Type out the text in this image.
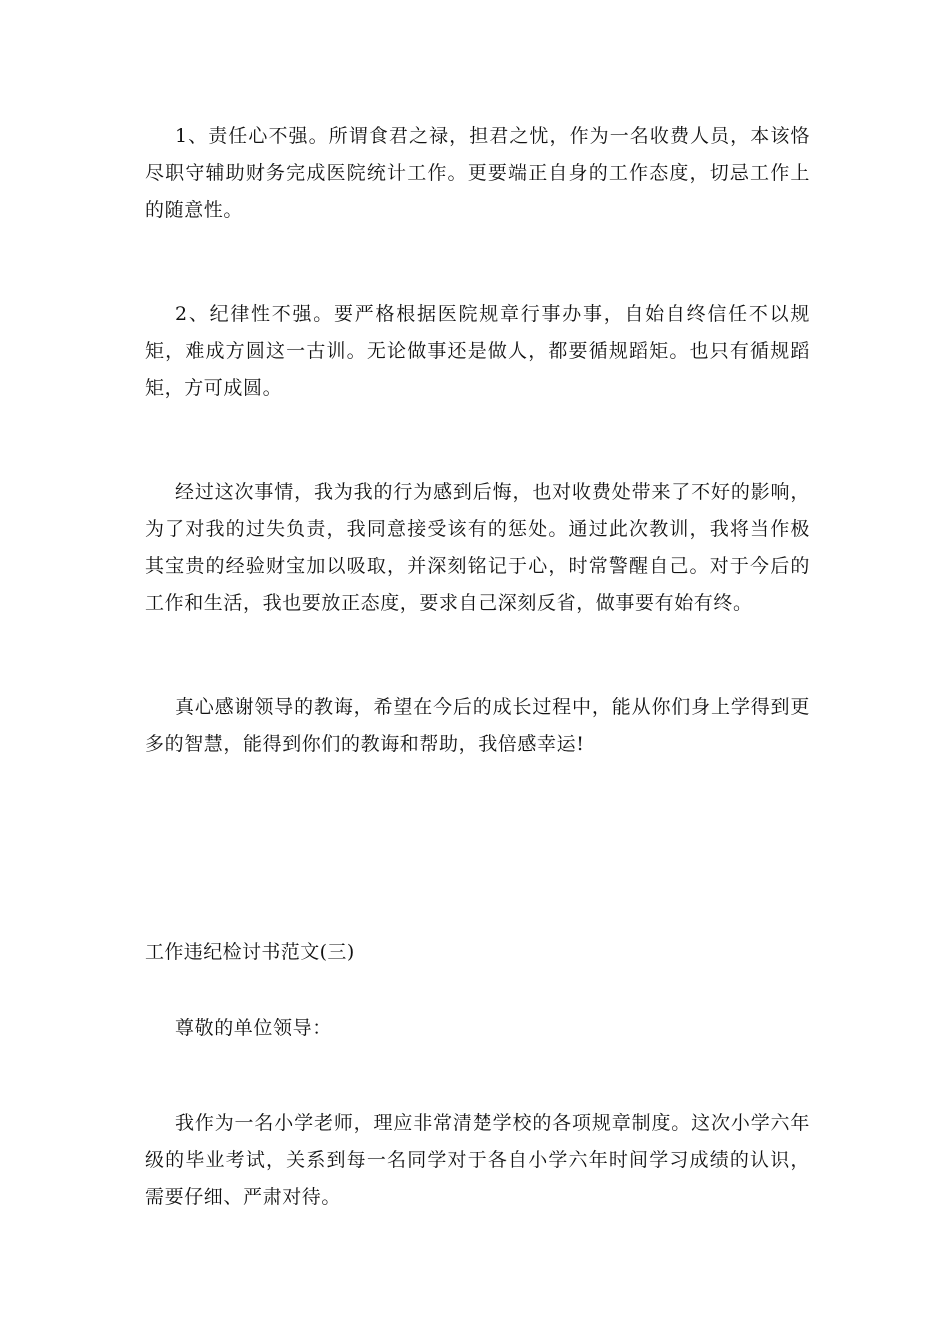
1、责任心不强。所谓食君之禄，担君之忧，作为一名收费人员，本该恪尽职守辅助财务完成医院统计工作。更要端正自身的工作态度，切忌工作上的随意性。

2、纪律性不强。要严格根据医院规章行事办事，自始自终信任不以规矩，难成方圆这一古训。无论做事还是做人，都要循规蹈矩。也只有循规蹈矩，方可成圆。

经过这次事情，我为我的行为感到后悔，也对收费处带来了不好的影响，为了对我的过失负责，我同意接受该有的惩处。通过此次教训，我将当作极其宝贵的经验财宝加以吸取，并深刻铭记于心，时常警醒自己。对于今后的工作和生活，我也要放正态度，要求自己深刻反省，做事要有始有终。

真心感谢领导的教诲，希望在今后的成长过程中，能从你们身上学得到更多的智慧，能得到你们的教诲和帮助，我倍感幸运!

工作违纪检讨书范文(三)

尊敬的单位领导：

我作为一名小学老师，理应非常清楚学校的各项规章制度。这次小学六年级的毕业考试，关系到每一名同学对于各自小学六年时间学习成绩的认识，需要仔细、严肃对待。
